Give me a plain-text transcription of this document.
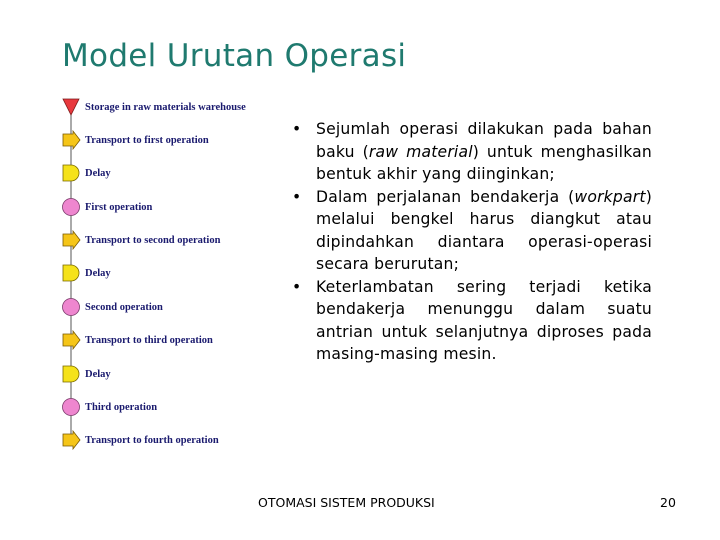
Model Urutan Operasi
Storage in raw materials warehouse
Transport to first operation
Delay
First operation
Transport to second operation
Delay
Second operation
Transport to third operation
Delay
Third operation
Transport to fourth operation
• Sejumlah operasi dilakukan pada bahan baku (raw material) untuk menghasilkan bentuk akhir yang diinginkan;
• Dalam perjalanan bendakerja (workpart) melalui bengkel harus diangkut atau dipindahkan diantara operasi-operasi secara berurutan;
• Keterlambatan sering terjadi ketika bendakerja menunggu dalam suatu antrian untuk selanjutnya diproses pada masing-masing mesin.
OTOMASI SISTEM PRODUKSI	20
